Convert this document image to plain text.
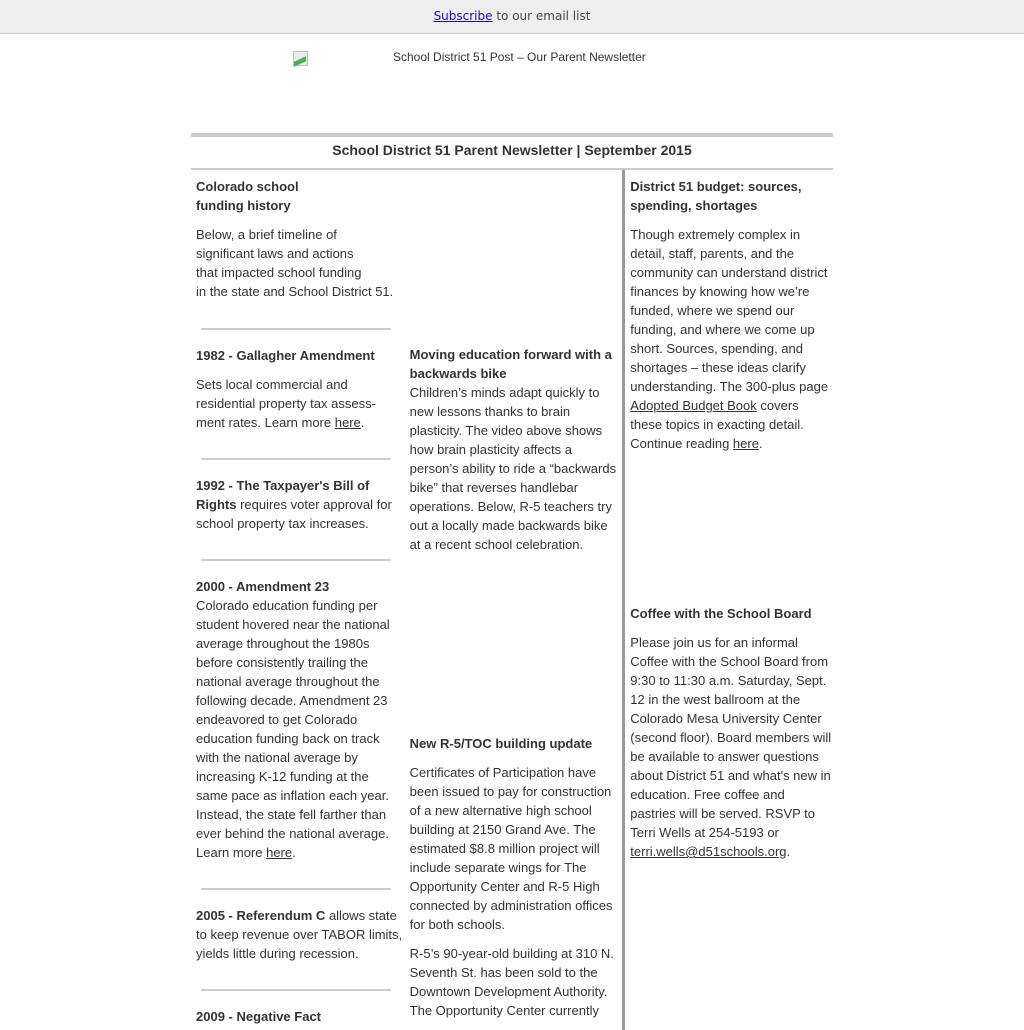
Subscribe to our email list
School District 51 Post – Our Parent Newsletter
School District 51 Parent Newsletter | September 2015
Colorado school
funding history

Below, a brief timeline of
significant laws and actions
that impacted school funding
in the state and School District 51.

1982 - Gallagher Amendment

Sets local commercial and residential property tax assess-ment rates. Learn more here.

1992 - The Taxpayer's Bill of Rights requires voter approval for school property tax increases.

2000 - Amendment 23

Colorado education funding per student hovered near the national average throughout the 1980s before consistently trailing the national average throughout the following decade. Amendment 23 endeavored to get Colorado education funding back on track with the national average by increasing K-12 funding at the same pace as inflation each year. Instead, the state fell farther than ever behind the national average. Learn more here.

2005 - Referendum C allows state to keep revenue over TABOR limits, yields little during recession.

2009 - Negative Fact
Moving education forward with a backwards bike

Children’s minds adapt quickly to new lessons thanks to brain plasticity. The video above shows how brain plasticity affects a person’s ability to ride a “backwards bike” that reverses handlebar operations. Below, R-5 teachers try out a locally made backwards bike at a recent school celebration.

New R-5/TOC building update

Certificates of Participation have been issued to pay for construction of a new alternative high school building at 2150 Grand Ave. The estimated $8.8 million project will include separate wings for The Opportunity Center and R-5 High connected by administration offices for both schools.

R-5’s 90-year-old building at 310 N. Seventh St. has been sold to the Downtown Development Authority. The Opportunity Center currently

District 51 budget: sources, spending, shortages

Though extremely complex in detail, staff, parents, and the community can understand district finances by knowing how we’re funded, where we spend our funding, and where we come up short. Sources, spending, and shortages – these ideas clarify understanding. The 300-plus page Adopted Budget Book covers these topics in exacting detail. Continue reading here.

Coffee with the School Board

Please join us for an informal Coffee with the School Board from 9:30 to 11:30 a.m. Saturday, Sept. 12 in the west ballroom at the Colorado Mesa University Center (second floor). Board members will be available to answer questions about District 51 and what's new in education. Free coffee and pastries will be served. RSVP to Terri Wells at 254-5193 or terri.wells@d51schools.org.
